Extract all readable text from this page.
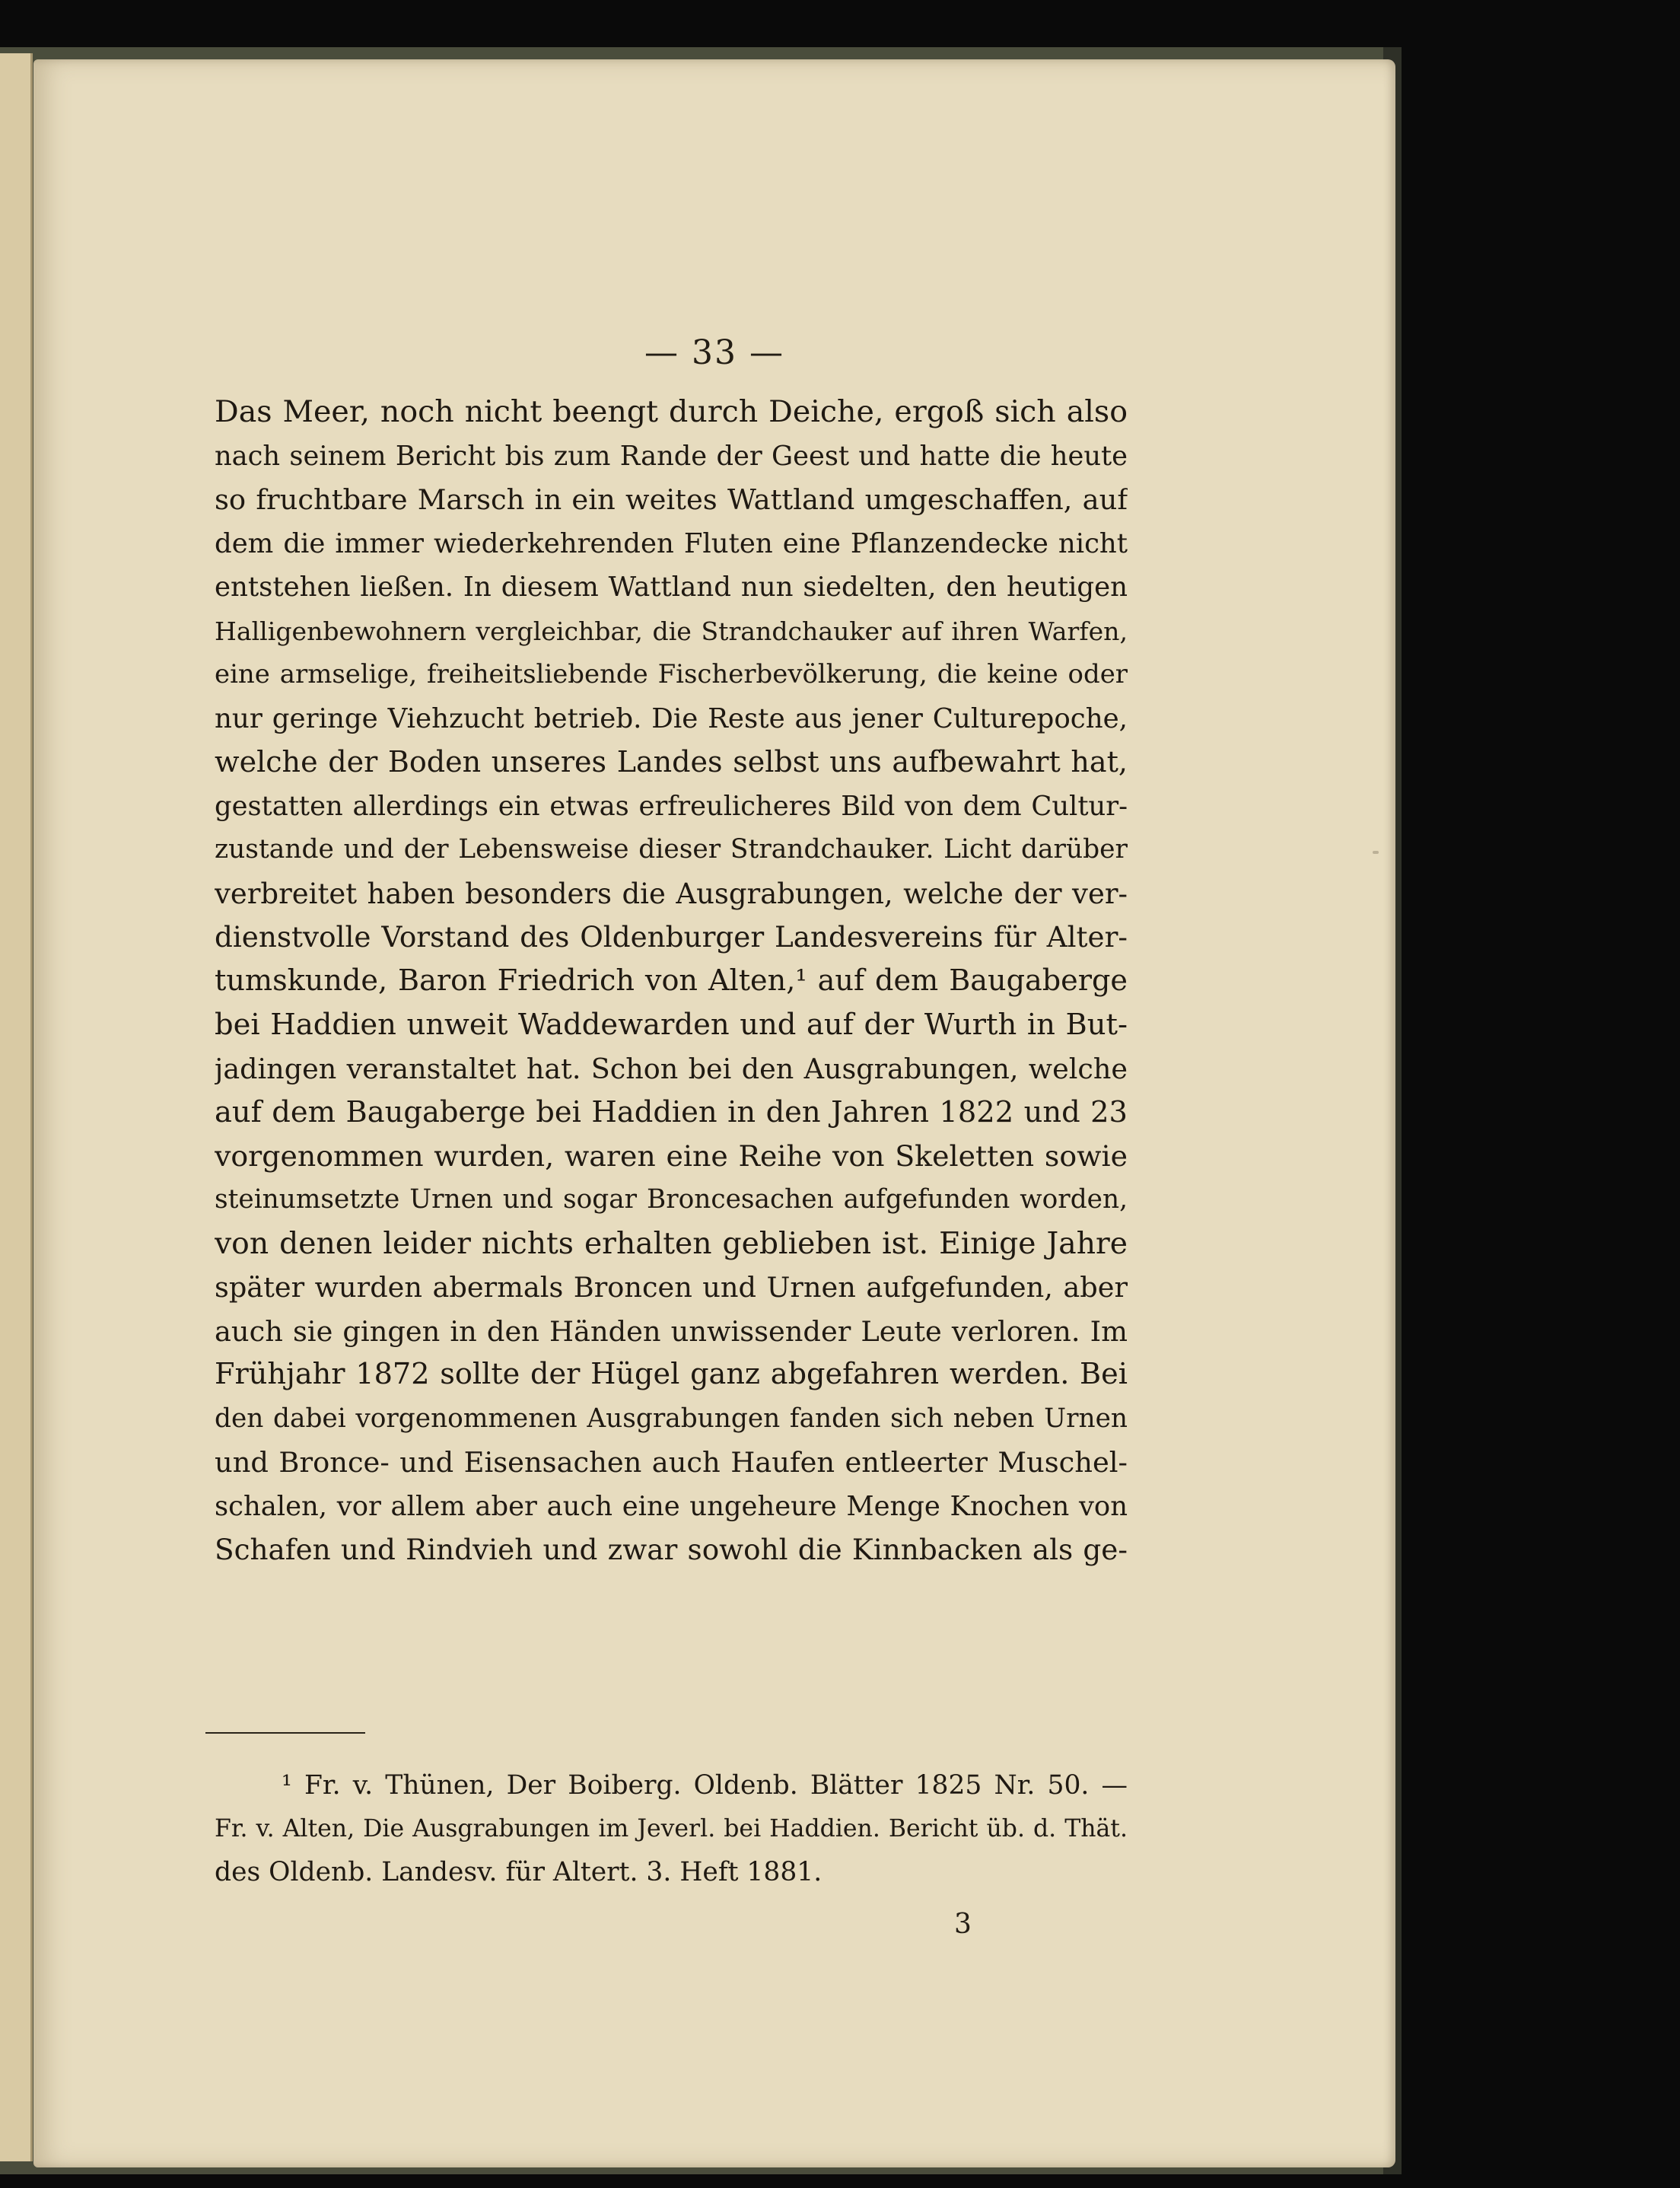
— 33 —
Das Meer, noch nicht beengt durch Deiche, ergoß sich also
nach seinem Bericht bis zum Rande der Geest und hatte die heute
so fruchtbare Marsch in ein weites Wattland umgeschaffen, auf
dem die immer wiederkehrenden Fluten eine Pflanzendecke nicht
entstehen ließen. In diesem Wattland nun siedelten, den heutigen
Halligenbewohnern vergleichbar, die Strandchauker auf ihren Warfen,
eine armselige, freiheitsliebende Fischerbevölkerung, die keine oder
nur geringe Viehzucht betrieb. Die Reste aus jener Culturepoche,
welche der Boden unseres Landes selbst uns aufbewahrt hat,
gestatten allerdings ein etwas erfreulicheres Bild von dem Cultur-
zustande und der Lebensweise dieser Strandchauker. Licht darüber
verbreitet haben besonders die Ausgrabungen, welche der ver-
dienstvolle Vorstand des Oldenburger Landesvereins für Alter-
tumskunde, Baron Friedrich von Alten,¹ auf dem Baugaberge
bei Haddien unweit Waddewarden und auf der Wurth in But-
jadingen veranstaltet hat. Schon bei den Ausgrabungen, welche
auf dem Baugaberge bei Haddien in den Jahren 1822 und 23
vorgenommen wurden, waren eine Reihe von Skeletten sowie
steinumsetzte Urnen und sogar Broncesachen aufgefunden worden,
von denen leider nichts erhalten geblieben ist. Einige Jahre
später wurden abermals Broncen und Urnen aufgefunden, aber
auch sie gingen in den Händen unwissender Leute verloren. Im
Frühjahr 1872 sollte der Hügel ganz abgefahren werden. Bei
den dabei vorgenommenen Ausgrabungen fanden sich neben Urnen
und Bronce- und Eisensachen auch Haufen entleerter Muschel-
schalen, vor allem aber auch eine ungeheure Menge Knochen von
Schafen und Rindvieh und zwar sowohl die Kinnbacken als ge-
¹ Fr. v. Thünen, Der Boiberg. Oldenb. Blätter 1825 Nr. 50. —
Fr. v. Alten, Die Ausgrabungen im Jeverl. bei Haddien. Bericht üb. d. Thät.
des Oldenb. Landesv. für Altert. 3. Heft 1881.
3
